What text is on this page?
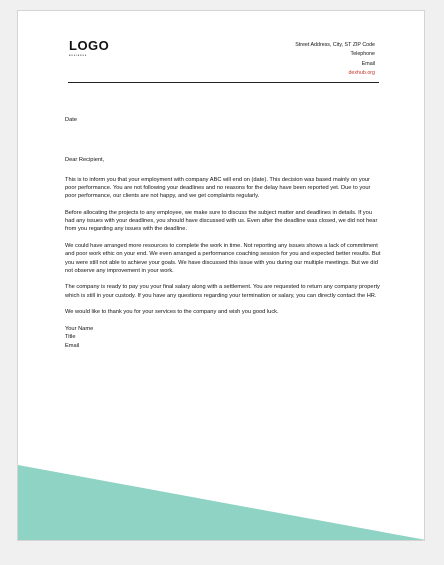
LOGO
BUSINESS
Street Address, City, ST ZIP Code
Telephone
Email
dexhub.org

Date

Dear Recipient,

This is to inform you that your employment with company ABC will end on (date). This decision was based mainly on your poor performance. You are not following your deadlines and no reasons for the delay have been reported yet. Due to your poor performance, our clients are not happy, and we get complaints regularly.

Before allocating the projects to any employee, we make sure to discuss the subject matter and deadlines in details. If you had any issues with your deadlines, you should have discussed with us. Even after the deadline was closed, we did not hear from you regarding any issues with the deadline.

We could have arranged more resources to complete the work in time. Not reporting any issues shows a lack of commitment and poor work ethic on your end. We even arranged a performance coaching session for you and expected better results. But you were still not able to achieve your goals. We have discussed this issue with you during our multiple meetings. But we did not observe any improvement in your work.

The company is ready to pay you your final salary along with a settlement. You are requested to return any company property which is still in your custody. If you have any questions regarding your termination or salary, you can directly contact the HR.

We would like to thank you for your services to the company and wish you good luck.

Your Name

Title

Email
